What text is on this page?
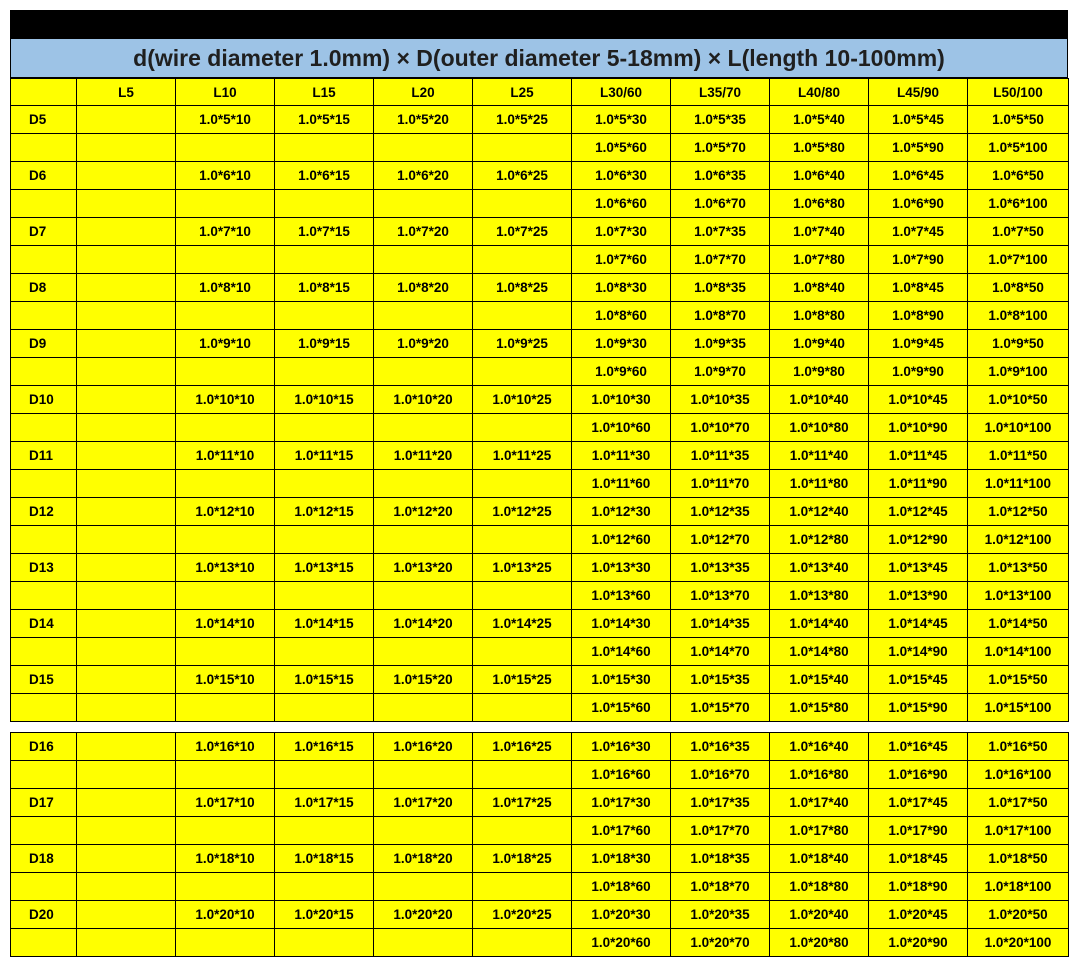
d(wire diameter 1.0mm) × D(outer diameter 5-18mm) × L(length 10-100mm)
	L5	L10	L15	L20	L25	L30/60	L35/70	L40/80	L45/90	L50/100
D5		1.0*5*10	1.0*5*15	1.0*5*20	1.0*5*25	1.0*5*30	1.0*5*35	1.0*5*40	1.0*5*45	1.0*5*50
						1.0*5*60	1.0*5*70	1.0*5*80	1.0*5*90	1.0*5*100
D6		1.0*6*10	1.0*6*15	1.0*6*20	1.0*6*25	1.0*6*30	1.0*6*35	1.0*6*40	1.0*6*45	1.0*6*50
						1.0*6*60	1.0*6*70	1.0*6*80	1.0*6*90	1.0*6*100
D7		1.0*7*10	1.0*7*15	1.0*7*20	1.0*7*25	1.0*7*30	1.0*7*35	1.0*7*40	1.0*7*45	1.0*7*50
						1.0*7*60	1.0*7*70	1.0*7*80	1.0*7*90	1.0*7*100
D8		1.0*8*10	1.0*8*15	1.0*8*20	1.0*8*25	1.0*8*30	1.0*8*35	1.0*8*40	1.0*8*45	1.0*8*50
						1.0*8*60	1.0*8*70	1.0*8*80	1.0*8*90	1.0*8*100
D9		1.0*9*10	1.0*9*15	1.0*9*20	1.0*9*25	1.0*9*30	1.0*9*35	1.0*9*40	1.0*9*45	1.0*9*50
						1.0*9*60	1.0*9*70	1.0*9*80	1.0*9*90	1.0*9*100
D10		1.0*10*10	1.0*10*15	1.0*10*20	1.0*10*25	1.0*10*30	1.0*10*35	1.0*10*40	1.0*10*45	1.0*10*50
						1.0*10*60	1.0*10*70	1.0*10*80	1.0*10*90	1.0*10*100
D11		1.0*11*10	1.0*11*15	1.0*11*20	1.0*11*25	1.0*11*30	1.0*11*35	1.0*11*40	1.0*11*45	1.0*11*50
						1.0*11*60	1.0*11*70	1.0*11*80	1.0*11*90	1.0*11*100
D12		1.0*12*10	1.0*12*15	1.0*12*20	1.0*12*25	1.0*12*30	1.0*12*35	1.0*12*40	1.0*12*45	1.0*12*50
						1.0*12*60	1.0*12*70	1.0*12*80	1.0*12*90	1.0*12*100
D13		1.0*13*10	1.0*13*15	1.0*13*20	1.0*13*25	1.0*13*30	1.0*13*35	1.0*13*40	1.0*13*45	1.0*13*50
						1.0*13*60	1.0*13*70	1.0*13*80	1.0*13*90	1.0*13*100
D14		1.0*14*10	1.0*14*15	1.0*14*20	1.0*14*25	1.0*14*30	1.0*14*35	1.0*14*40	1.0*14*45	1.0*14*50
						1.0*14*60	1.0*14*70	1.0*14*80	1.0*14*90	1.0*14*100
D15		1.0*15*10	1.0*15*15	1.0*15*20	1.0*15*25	1.0*15*30	1.0*15*35	1.0*15*40	1.0*15*45	1.0*15*50
						1.0*15*60	1.0*15*70	1.0*15*80	1.0*15*90	1.0*15*100
D16		1.0*16*10	1.0*16*15	1.0*16*20	1.0*16*25	1.0*16*30	1.0*16*35	1.0*16*40	1.0*16*45	1.0*16*50
						1.0*16*60	1.0*16*70	1.0*16*80	1.0*16*90	1.0*16*100
D17		1.0*17*10	1.0*17*15	1.0*17*20	1.0*17*25	1.0*17*30	1.0*17*35	1.0*17*40	1.0*17*45	1.0*17*50
						1.0*17*60	1.0*17*70	1.0*17*80	1.0*17*90	1.0*17*100
D18		1.0*18*10	1.0*18*15	1.0*18*20	1.0*18*25	1.0*18*30	1.0*18*35	1.0*18*40	1.0*18*45	1.0*18*50
						1.0*18*60	1.0*18*70	1.0*18*80	1.0*18*90	1.0*18*100
D20		1.0*20*10	1.0*20*15	1.0*20*20	1.0*20*25	1.0*20*30	1.0*20*35	1.0*20*40	1.0*20*45	1.0*20*50
						1.0*20*60	1.0*20*70	1.0*20*80	1.0*20*90	1.0*20*100
